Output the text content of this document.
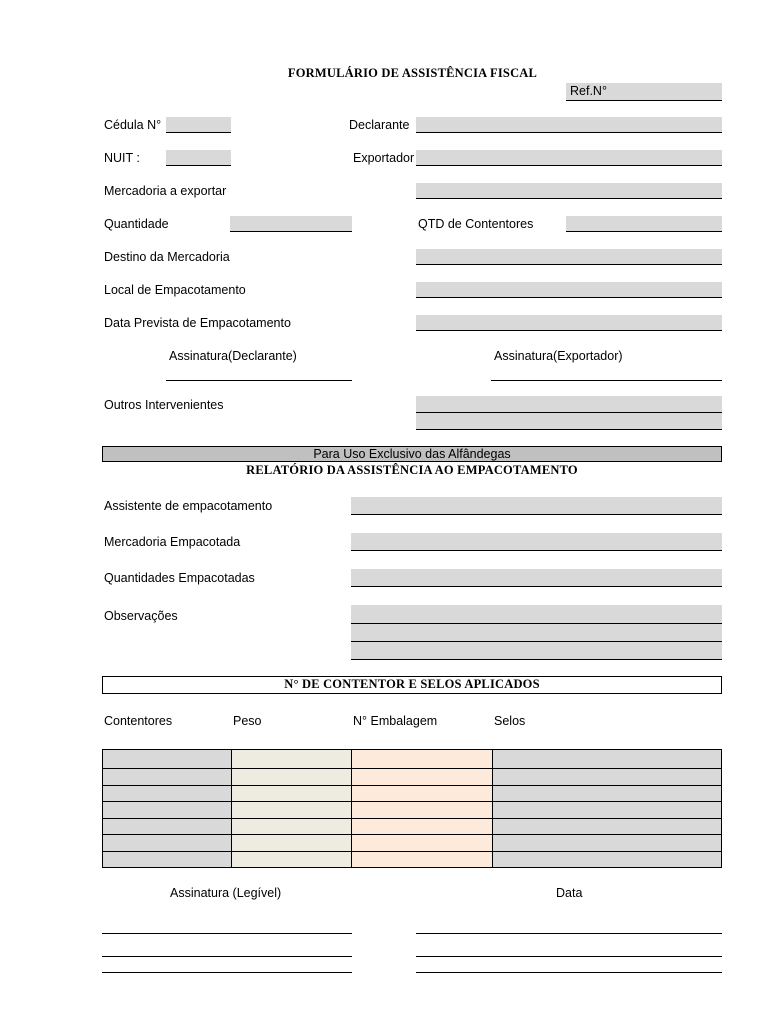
FORMULÁRIO DE ASSISTÊNCIA FISCAL
Ref.N°
Cédula N°	Declarante
NUIT :	Exportador
Mercadoria a exportar
Quantidade	QTD de Contentores
Destino da Mercadoria
Local de Empacotamento
Data Prevista de Empacotamento
Assinatura(Declarante)	Assinatura(Exportador)
Outros Intervenientes
Para Uso Exclusivo das Alfândegas
RELATÓRIO DA ASSISTÊNCIA AO EMPACOTAMENTO
Assistente de empacotamento
Mercadoria Empacotada
Quantidades Empacotadas
Observações
N° DE CONTENTOR E SELOS APLICADOS
Contentores	Peso	N° Embalagem	Selos
Assinatura (Legível)	Data
